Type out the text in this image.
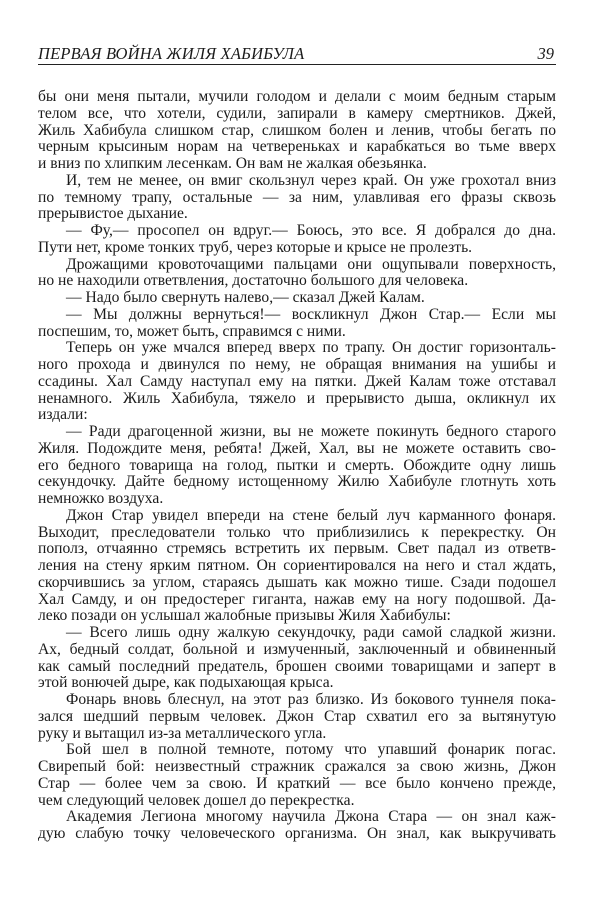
ПЕРВАЯ ВОЙНА ЖИЛЯ ХАБИБУЛА	39
бы они меня пытали, мучили голодом и делали с моим бедным старым
телом все, что хотели, судили, запирали в камеру смертников. Джей,
Жиль Хабибула слишком стар, слишком болен и ленив, чтобы бегать по
черным крысиным норам на четвереньках и карабкаться во тьме вверх
и вниз по хлипким лесенкам. Он вам не жалкая обезьянка.
И, тем не менее, он вмиг скользнул через край. Он уже грохотал вниз
по темному трапу, остальные — за ним, улавливая его фразы сквозь
прерывистое дыхание.
— Фу,— просопел он вдруг.— Боюсь, это все. Я добрался до дна.
Пути нет, кроме тонких труб, через которые и крысе не пролезть.
Дрожащими кровоточащими пальцами они ощупывали поверхность,
но не находили ответвления, достаточно большого для человека.
— Надо было свернуть налево,— сказал Джей Калам.
— Мы должны вернуться!— воскликнул Джон Стар.— Если мы
поспешим, то, может быть, справимся с ними.
Теперь он уже мчался вперед вверх по трапу. Он достиг горизонталь-
ного прохода и двинулся по нему, не обращая внимания на ушибы и
ссадины. Хал Самду наступал ему на пятки. Джей Калам тоже отставал
ненамного. Жиль Хабибула, тяжело и прерывисто дыша, окликнул их
издали:
— Ради драгоценной жизни, вы не можете покинуть бедного старого
Жиля. Подождите меня, ребята! Джей, Хал, вы не можете оставить сво-
его бедного товарища на голод, пытки и смерть. Обождите одну лишь
секундочку. Дайте бедному истощенному Жилю Хабибуле глотнуть хоть
немножко воздуха.
Джон Стар увидел впереди на стене белый луч карманного фонаря.
Выходит, преследователи только что приблизились к перекрестку. Он
пополз, отчаянно стремясь встретить их первым. Свет падал из ответв-
ления на стену ярким пятном. Он сориентировался на него и стал ждать,
скорчившись за углом, стараясь дышать как можно тише. Сзади подошел
Хал Самду, и он предостерег гиганта, нажав ему на ногу подошвой. Да-
леко позади он услышал жалобные призывы Жиля Хабибулы:
— Всего лишь одну жалкую секундочку, ради самой сладкой жизни.
Ах, бедный солдат, больной и измученный, заключенный и обвиненный
как самый последний предатель, брошен своими товарищами и заперт в
этой вонючей дыре, как подыхающая крыса.
Фонарь вновь блеснул, на этот раз близко. Из бокового туннеля пока-
зался шедший первым человек. Джон Стар схватил его за вытянутую
руку и вытащил из-за металлического угла.
Бой шел в полной темноте, потому что упавший фонарик погас.
Свирепый бой: неизвестный стражник сражался за свою жизнь, Джон
Стар — более чем за свою. И краткий — все было кончено прежде,
чем следующий человек дошел до перекрестка.
Академия Легиона многому научила Джона Стара — он знал каж-
дую слабую точку человеческого организма. Он знал, как выкручивать
